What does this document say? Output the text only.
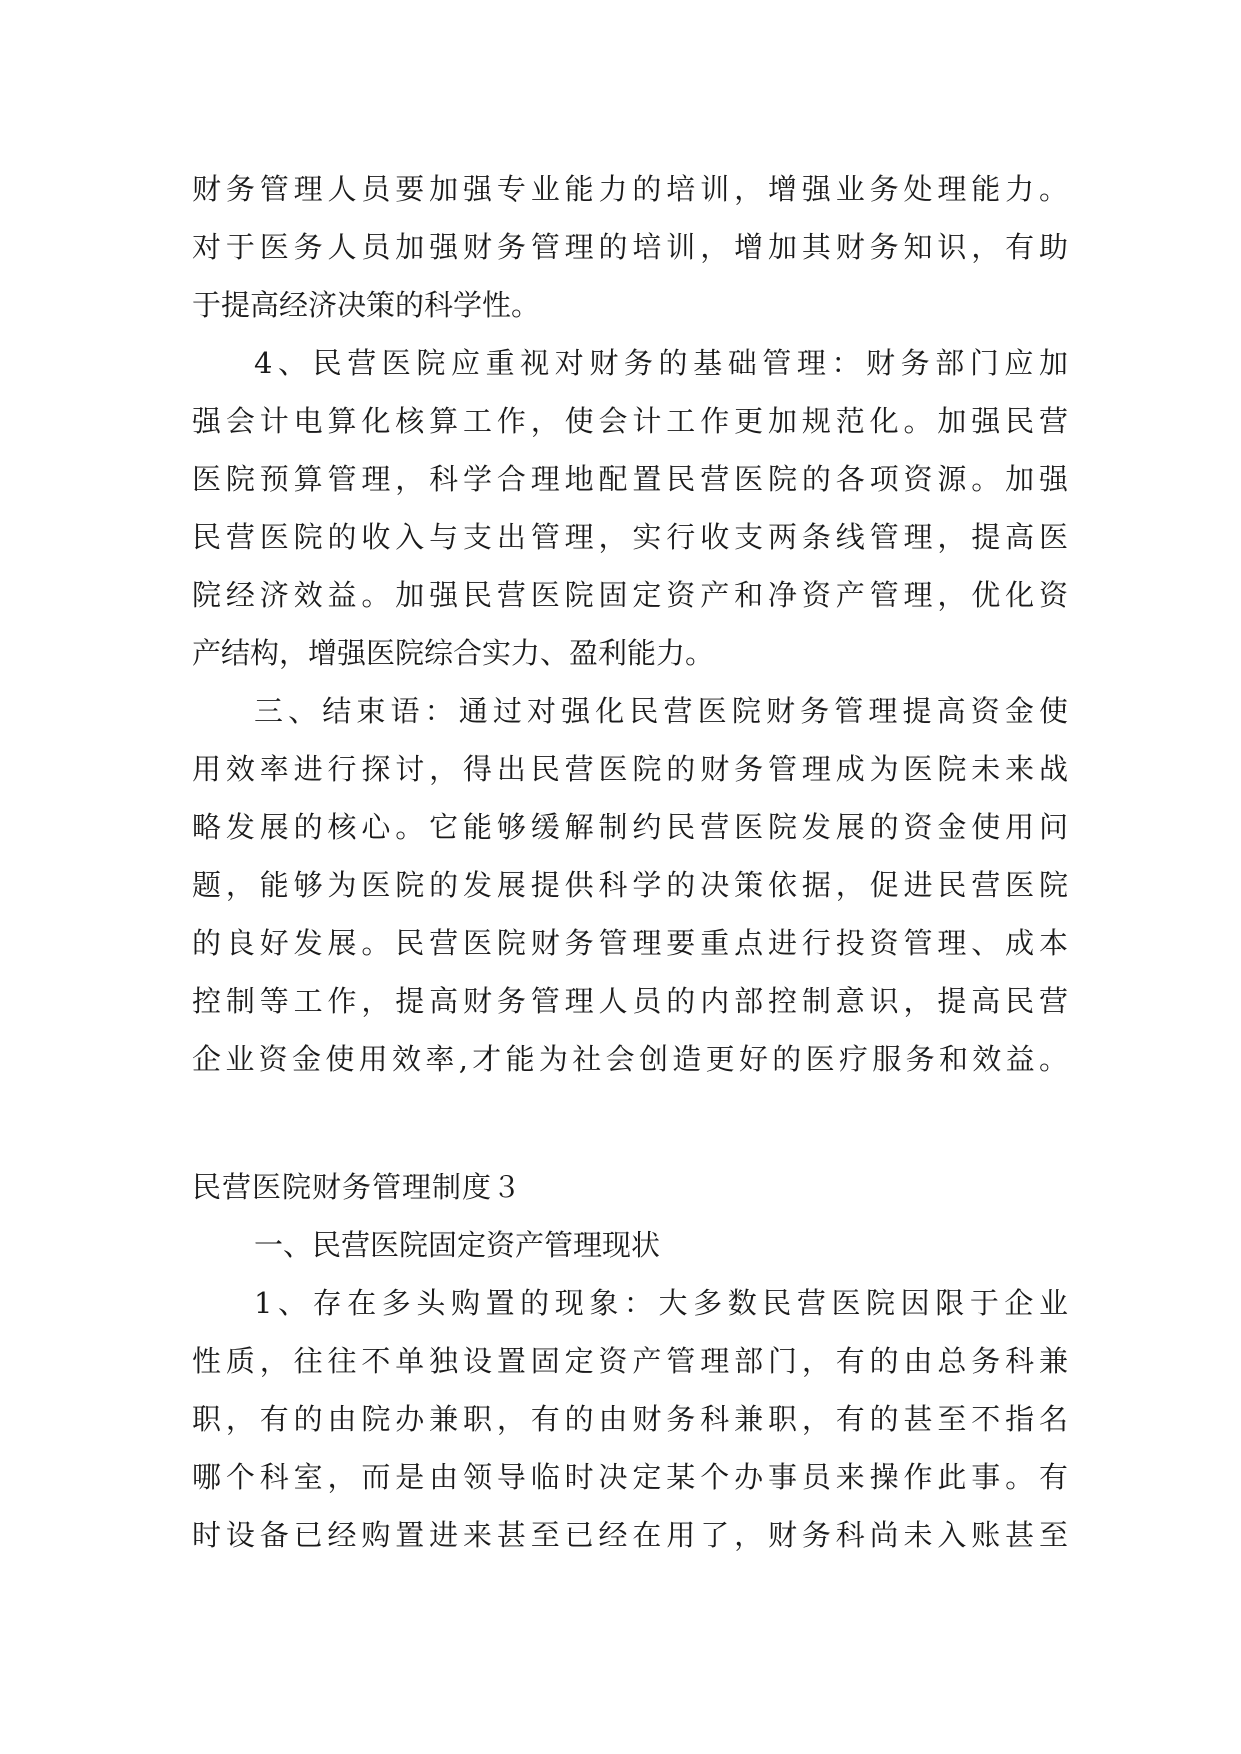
财务管理人员要加强专业能力的培训，增强业务处理能力。
对于医务人员加强财务管理的培训，增加其财务知识，有助
于提高经济决策的科学性。
4、民营医院应重视对财务的基础管理：财务部门应加
强会计电算化核算工作，使会计工作更加规范化。加强民营
医院预算管理，科学合理地配置民营医院的各项资源。加强
民营医院的收入与支出管理，实行收支两条线管理，提高医
院经济效益。加强民营医院固定资产和净资产管理，优化资
产结构，增强医院综合实力、盈利能力。
三、结束语：通过对强化民营医院财务管理提高资金使
用效率进行探讨，得出民营医院的财务管理成为医院未来战
略发展的核心。它能够缓解制约民营医院发展的资金使用问
题，能够为医院的发展提供科学的决策依据，促进民营医院
的良好发展。民营医院财务管理要重点进行投资管理、成本
控制等工作，提高财务管理人员的内部控制意识，提高民营
企业资金使用效率,才能为社会创造更好的医疗服务和效益。
民营医院财务管理制度３
一、民营医院固定资产管理现状
1、存在多头购置的现象：大多数民营医院因限于企业
性质，往往不单独设置固定资产管理部门，有的由总务科兼
职，有的由院办兼职，有的由财务科兼职，有的甚至不指名
哪个科室，而是由领导临时决定某个办事员来操作此事。有
时设备已经购置进来甚至已经在用了，财务科尚未入账甚至
